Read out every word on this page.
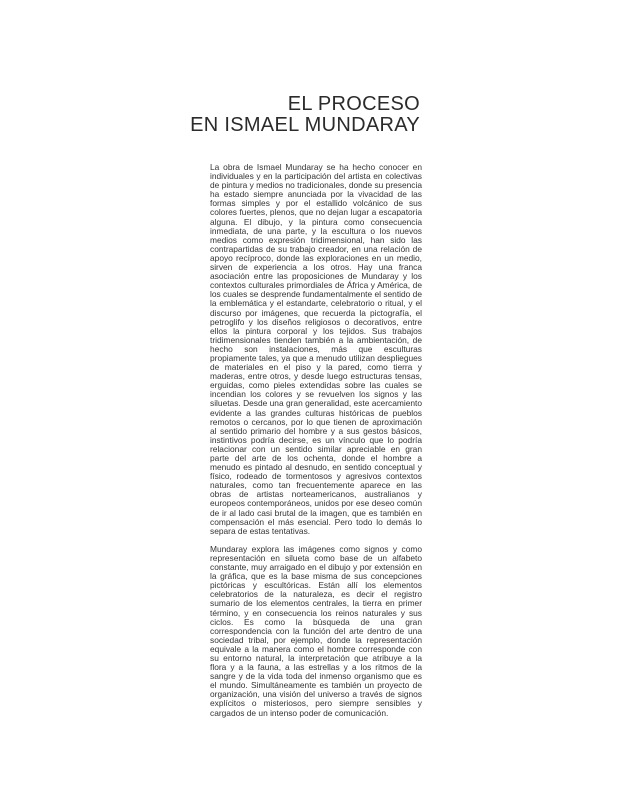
EL PROCESO
EN ISMAEL MUNDARAY

La obra de Ismael Mundaray se ha hecho conocer en individuales y en la participación del artista en colectivas de pintura y medios no tradicionales, donde su presencia ha estado siempre anunciada por la vivacidad de las formas simples y por el estallido volcánico de sus colores fuertes, plenos, que no dejan lugar a escapatoria alguna. El dibujo, y la pintura como consecuencia inmediata, de una parte, y la escultura o los nuevos medios como expresión tridimensional, han sido las contrapartidas de su trabajo creador, en una relación de apoyo recíproco, donde las exploraciones en un medio, sirven de experiencia a los otros. Hay una franca asociación entre las proposiciones de Mundaray y los contextos culturales primordiales de África y América, de los cuales se desprende fundamentalmente el sentido de la emblemática y el estandarte, celebratorio o ritual, y el discurso por imágenes, que recuerda la pictografía, el petroglifo y los diseños religiosos o decorativos, entre ellos la pintura corporal y los tejidos. Sus trabajos tridimensionales tienden también a la ambientación, de hecho son instalaciones, más que esculturas propiamente tales, ya que a menudo utilizan despliegues de materiales en el piso y la pared, como tierra y maderas, entre otros, y desde luego estructuras tensas, erguidas, como pieles extendidas sobre las cuales se incendian los colores y se revuelven los signos y las siluetas. Desde una gran generalidad, este acercamiento evidente a las grandes culturas históricas de pueblos remotos o cercanos, por lo que tienen de aproximación al sentido primario del hombre y a sus gestos básicos, instintivos podría decirse, es un vínculo que lo podría relacionar con un sentido similar apreciable en gran parte del arte de los ochenta, donde el hombre a menudo es pintado al desnudo, en sentido conceptual y físico, rodeado de tormentosos y agresivos contextos naturales, como tan frecuentemente aparece en las obras de artistas norteamericanos, australianos y europeos contemporáneos, unidos por ese deseo común de ir al lado casi brutal de la imagen, que es también en compensación el más esencial. Pero todo lo demás lo separa de estas tentativas.

Mundaray explora las imágenes como signos y como representación en silueta como base de un alfabeto constante, muy arraigado en el dibujo y por extensión en la gráfica, que es la base misma de sus concepciones pictóricas y escultóricas. Están allí los elementos celebratorios de la naturaleza, es decir el registro sumario de los elementos centrales, la tierra en primer término, y en consecuencia los reinos naturales y sus ciclos. Es como la búsqueda de una gran correspondencia con la función del arte dentro de una sociedad tribal, por ejemplo, donde la representación equivale a la manera como el hombre corresponde con su entorno natural, la interpretación que atribuye a la flora y a la fauna, a las estrellas y a los ritmos de la sangre y de la vida toda del inmenso organismo que es el mundo. Simultáneamente es también un proyecto de organización, una visión del universo a través de signos explícitos o misteriosos, pero siempre sensibles y cargados de un intenso poder de comunicación.
